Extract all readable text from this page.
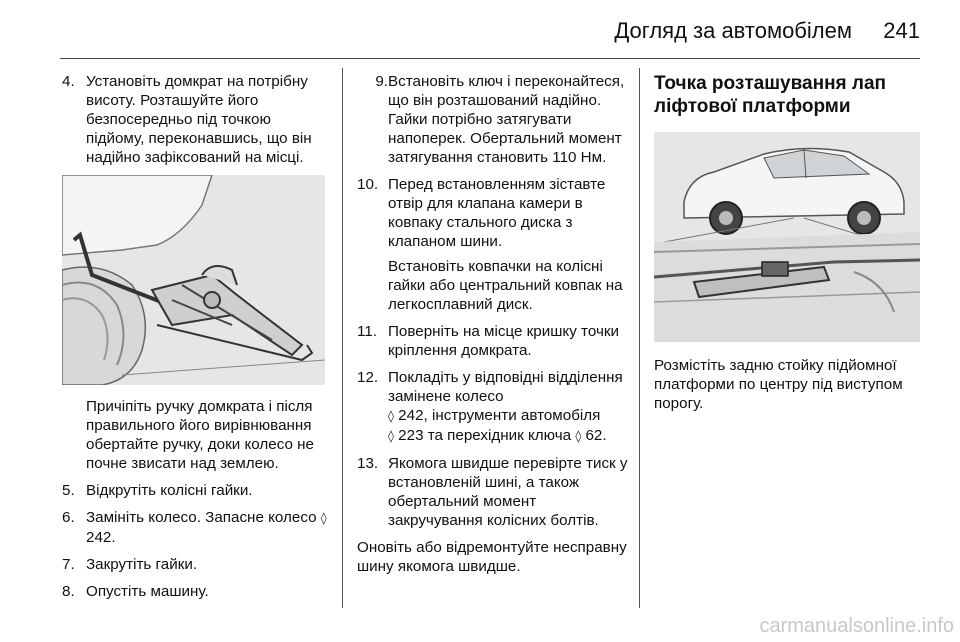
Догляд за автомобілем 241
4. Установіть домкрат на потрібну висоту. Розташуйте його безпосередньо під точкою підйому, переконавшись, що він надійно зафіксований на місці.
Причіпіть ручку домкрата і після правильного його вирівнювання обертайте ручку, доки колесо не почне звисати над землею.
5. Відкрутіть колісні гайки.
6. Замініть колесо. Запасне колесо ◊ 242.
7. Закрутіть гайки.
8. Опустіть машину.
9. Встановіть ключ і переконайтеся, що він розташований надійно. Гайки потрібно затягувати напоперек. Обертальний момент затягування становить 110 Нм.
10. Перед встановленням зіставте отвір для клапана камери в ковпаку стального диска з клапаном шини.
Встановіть ковпачки на колісні гайки або центральний ковпак на легкосплавний диск.
11. Поверніть на місце кришку точки кріплення домкрата.
12. Покладіть у відповідні відділення замінене колесо
◊ 242, інструменти автомобіля
◊ 223 та перехідник ключа ◊ 62.
13. Якомога швидше перевірте тиск у встановленій шині, а також обертальний момент закручування колісних болтів.
Оновіть або відремонтуйте несправну шину якомога швидше.
Точка розташування лап ліфтової платформи
Розмістіть задню стойку підйомної платформи по центру під виступом порогу.
carmanualsonline.info
